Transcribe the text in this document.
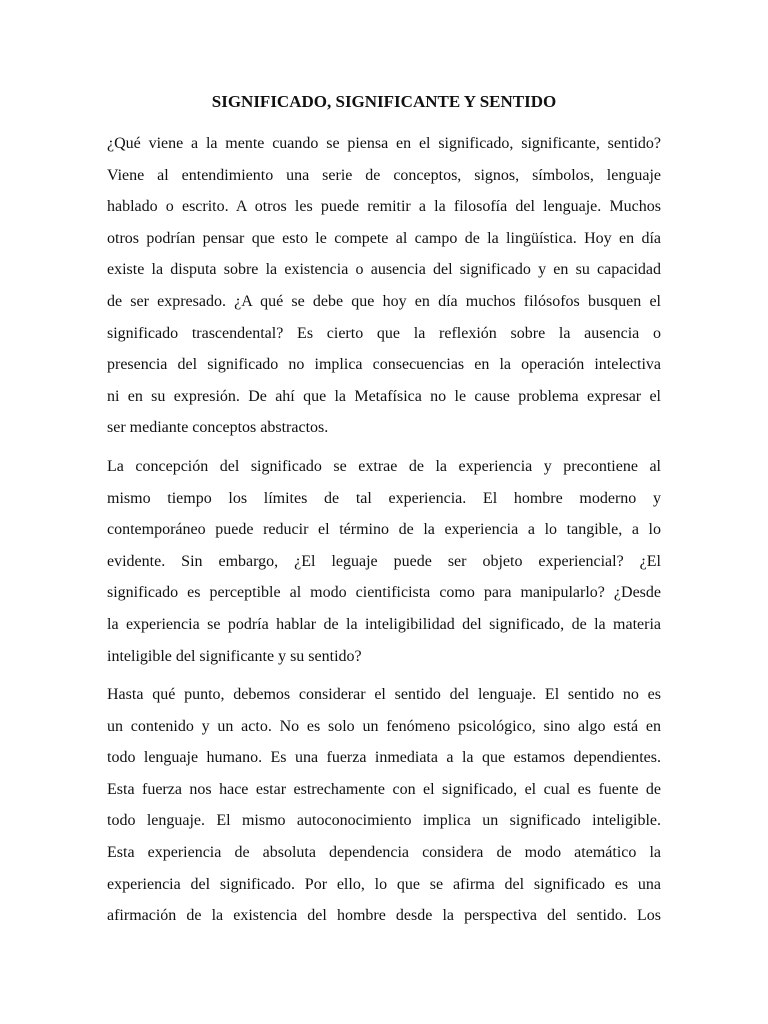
SIGNIFICADO, SIGNIFICANTE Y SENTIDO

¿Qué viene a la mente cuando se piensa en el significado, significante, sentido?
Viene al entendimiento una serie de conceptos, signos, símbolos, lenguaje
hablado o escrito. A otros les puede remitir a la filosofía del lenguaje. Muchos
otros podrían pensar que esto le compete al campo de la lingüística. Hoy en día
existe la disputa sobre la existencia o ausencia del significado y en su capacidad
de ser expresado. ¿A qué se debe que hoy en día muchos filósofos busquen el
significado trascendental? Es cierto que la reflexión sobre la ausencia o
presencia del significado no implica consecuencias en la operación intelectiva
ni en su expresión. De ahí que la Metafísica no le cause problema expresar el
ser mediante conceptos abstractos.

La concepción del significado se extrae de la experiencia y precontiene al
mismo tiempo los límites de tal experiencia. El hombre moderno y
contemporáneo puede reducir el término de la experiencia a lo tangible, a lo
evidente. Sin embargo, ¿El leguaje puede ser objeto experiencial? ¿El
significado es perceptible al modo cientificista como para manipularlo? ¿Desde
la experiencia se podría hablar de la inteligibilidad del significado, de la materia
inteligible del significante y su sentido?

Hasta qué punto, debemos considerar el sentido del lenguaje. El sentido no es
un contenido y un acto. No es solo un fenómeno psicológico, sino algo está en
todo lenguaje humano. Es una fuerza inmediata a la que estamos dependientes.
Esta fuerza nos hace estar estrechamente con el significado, el cual es fuente de
todo lenguaje. El mismo autoconocimiento implica un significado inteligible.
Esta experiencia de absoluta dependencia considera de modo atemático la
experiencia del significado. Por ello, lo que se afirma del significado es una
afirmación de la existencia del hombre desde la perspectiva del sentido. Los
